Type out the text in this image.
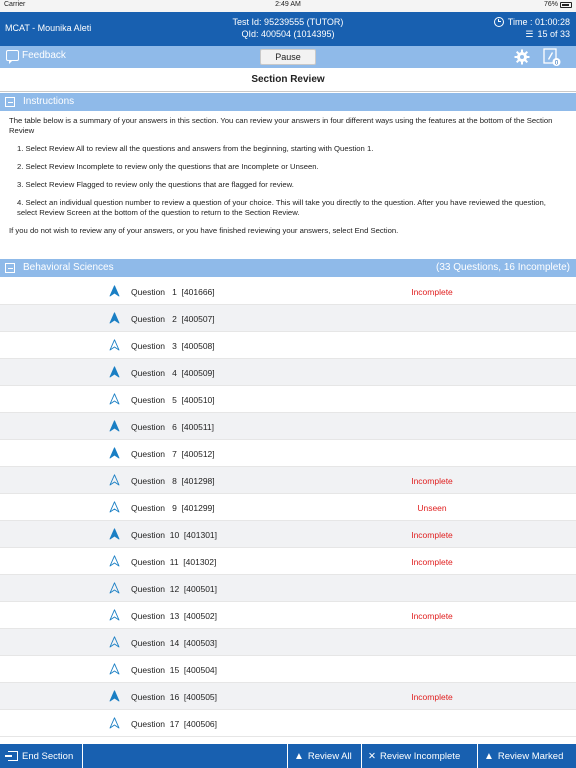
Carrier	2:49 AM	76%
MCAT - Mounika Aleti
Test Id: 95239555 (TUTOR)
QId: 400504 (1014395)
Time : 01:00:28
☰ 15 of 33
Feedback	Pause
0
Section Review
Instructions

The table below is a summary of your answers in this section. You can review your answers in four different ways using the features at the bottom of the Section Review

1. Select Review All to review all the questions and answers from the beginning, starting with Question 1.

2. Select Review Incomplete to review only the questions that are Incomplete or Unseen.

3. Select Review Flagged to review only the questions that are flagged for review.

4. Select an individual question number to review a question of your choice. This will take you directly to the question. After you have reviewed the question, select Review Screen at the bottom of the question to return to the Section Review.

If you do not wish to review any of your answers, or you have finished reviewing your answers, select End Section.

Behavioral Sciences	(33 Questions, 16 Incomplete)
Question   1  [401666]	Incomplete
Question   2  [400507]
Question   3  [400508]
Question   4  [400509]
Question   5  [400510]
Question   6  [400511]
Question   7  [400512]
Question   8  [401298]	Incomplete
Question   9  [401299]	Unseen
Question  10  [401301]	Incomplete
Question  11  [401302]	Incomplete
Question  12  [400501]
Question  13  [400502]	Incomplete
Question  14  [400503]
Question  15  [400504]
Question  16  [400505]	Incomplete
Question  17  [400506]
End Section	▲ Review All ✕ Review Incomplete ▲ Review Marked
